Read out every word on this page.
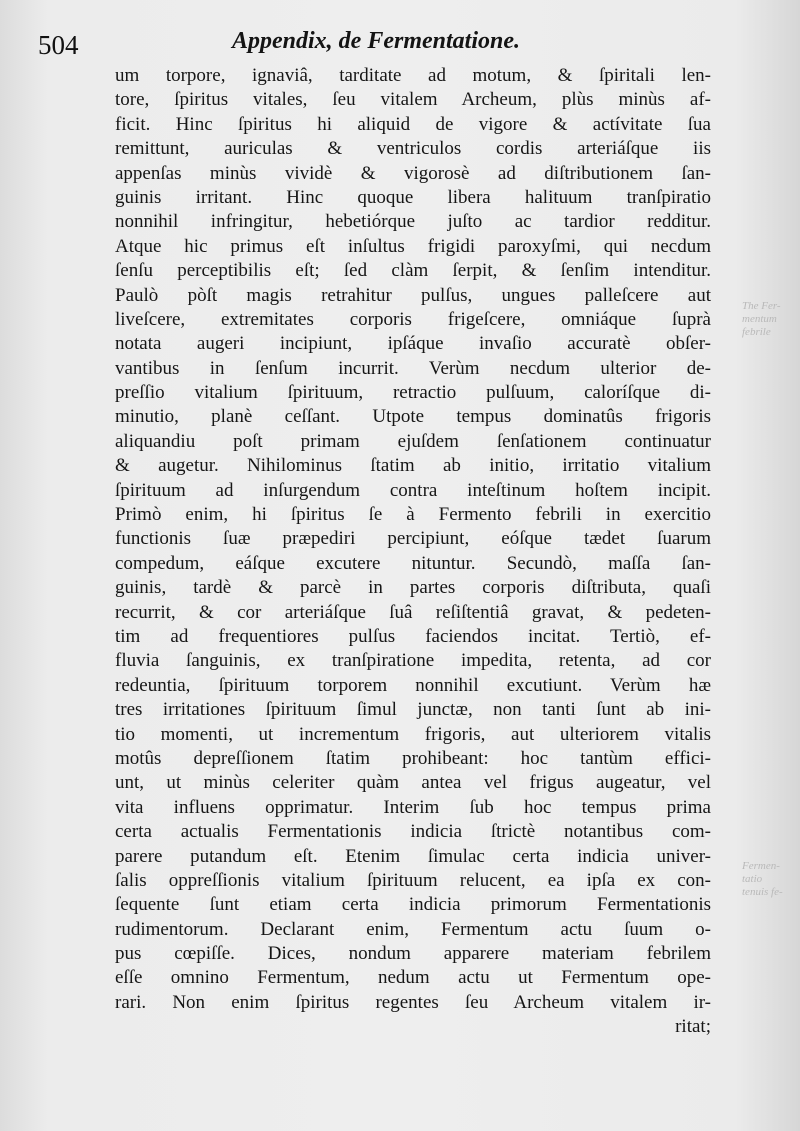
504	Appendix, de Fermentatione.
um torpore, ignaviâ, tarditate ad motum, & ſpiritali len-
tore, ſpiritus vitales, ſeu vitalem Archeum, plùs minùs af-
ficit. Hinc ſpiritus hi aliquid de vigore & actívitate ſua
remittunt, auriculas & ventriculos cordis arteriáſque iis
appenſas minùs vividè & vigorosè ad diſtributionem ſan-
guinis irritant. Hinc quoque libera halituum tranſpiratio
nonnihil infringitur, hebetiórque juſto ac tardior redditur.
Atque hic primus eſt inſultus frigidi paroxyſmi, qui necdum
ſenſu perceptibilis eſt; ſed clàm ſerpit, & ſenſim intenditur.
Paulò pòſt magis retrahitur pulſus, ungues palleſcere aut
liveſcere, extremitates corporis frigeſcere, omniáque ſuprà
notata augeri incipiunt, ipſáque invaſio accuratè obſer-
vantibus in ſenſum incurrit. Verùm necdum ulterior de-
preſſio vitalium ſpirituum, retractio pulſuum, caloríſque di-
minutio, planè ceſſant. Utpote tempus dominatûs frigoris
aliquandiu poſt primam ejuſdem ſenſationem continuatur
& augetur. Nihilominus ſtatim ab initio, irritatio vitalium
ſpirituum ad inſurgendum contra inteſtinum hoſtem incipit.
Primò enim, hi ſpiritus ſe à Fermento febrili in exercitio
functionis ſuæ præpediri percipiunt, eóſque tædet ſuarum
compedum, eáſque excutere nituntur. Secundò, maſſa ſan-
guinis, tardè & parcè in partes corporis diſtributa, quaſi
recurrit, & cor arteriáſque ſuâ reſiſtentiâ gravat, & pedeten-
tim ad frequentiores pulſus faciendos incitat. Tertiò, ef-
fluvia ſanguinis, ex tranſpiratione impedita, retenta, ad cor
redeuntia, ſpirituum torporem nonnihil excutiunt. Verùm hæ
tres irritationes ſpirituum ſimul junctæ, non tanti ſunt ab ini-
tio momenti, ut incrementum frigoris, aut ulteriorem vitalis
motûs depreſſionem ſtatim prohibeant: hoc tantùm effici-
unt, ut minùs celeriter quàm antea vel frigus augeatur, vel
vita influens opprimatur. Interim ſub hoc tempus prima
certa actualis Fermentationis indicia ſtrictè notantibus com-
parere putandum eſt. Etenim ſimulac certa indicia univer-
ſalis oppreſſionis vitalium ſpirituum relucent, ea ipſa ex con-
ſequente ſunt etiam certa indicia primorum Fermentationis
rudimentorum. Declarant enim, Fermentum actu ſuum o-
pus cœpiſſe. Dices, nondum apparere materiam febrilem
eſſe omnino Fermentum, nedum actu ut Fermentum ope-
rari. Non enim ſpiritus regentes ſeu Archeum vitalem ir-
ritat;
The Fer-
mentum
febrile
Fermen-
tatio
tenuis fe-
